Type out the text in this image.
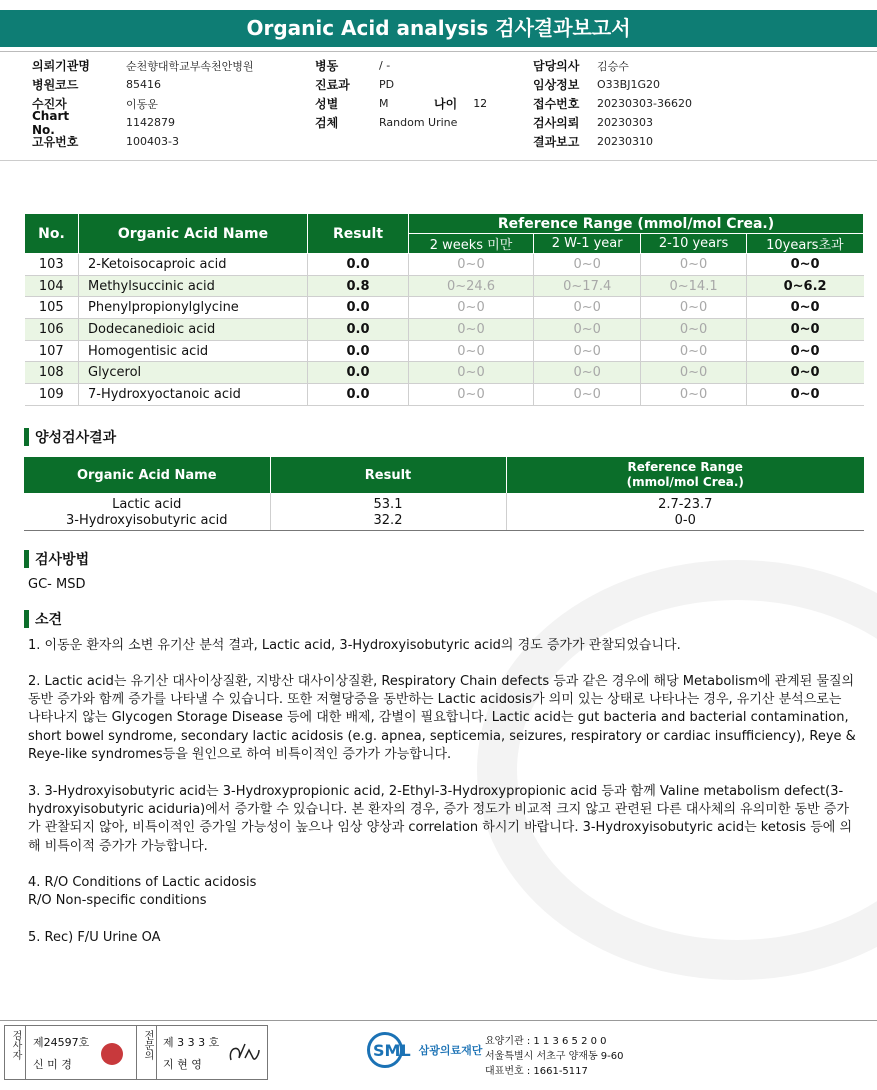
Organic Acid analysis 검사결과보고서
의뢰기관명	순천향대학교부속천안병원
병원코드	85416
수진자	이동운
Chart No.	1142879
고유번호	100403-3
병동	/ -
진료과	PD
성별	M
검체	Random Urine
나이 12
담당의사	김승수
임상정보	O33BJ1G20
접수번호	20230303-36620
검사의뢰	20230303
결과보고	20230310
No.	Organic Acid Name	Result	Reference Range (mmol/mol Crea.)			
			2 weeks 미만	2 W-1 year	2-10 years	10years초과
103	2-Ketoisocaproic acid	0.0	0~0	0~0	0~0	0~0
104	Methylsuccinic acid	0.8	0~24.6	0~17.4	0~14.1	0~6.2
105	Phenylpropionylglycine	0.0	0~0	0~0	0~0	0~0
106	Dodecanedioic acid	0.0	0~0	0~0	0~0	0~0
107	Homogentisic acid	0.0	0~0	0~0	0~0	0~0
108	Glycerol	0.0	0~0	0~0	0~0	0~0
109	7-Hydroxyoctanoic acid	0.0	0~0	0~0	0~0	0~0
양성검사결과
Organic Acid Name	Result	Reference Range
(mmol/mol Crea.)

Lactic acid	53.1	2.7-23.7
3-Hydroxyisobutyric acid	32.2	0-0
검사방법
GC- MSD
소견
1. 이동운 환자의 소변 유기산 분석 결과, Lactic acid, 3-Hydroxyisobutyric acid의 경도 증가가 관찰되었습니다.
2. Lactic acid는 유기산 대사이상질환, 지방산 대사이상질환, Respiratory Chain defects 등과 같은 경우에 해당 Metabolism에 관계된 물질의 동반 증가와 함께 증가를 나타낼 수 있습니다. 또한 저혈당증을 동반하는 Lactic acidosis가 의미 있는 상태로 나타나는 경우, 유기산 분석으로는 나타나지 않는 Glycogen Storage Disease 등에 대한 배제, 감별이 필요합니다. Lactic acid는 gut bacteria and bacterial contamination, short bowel syndrome, secondary lactic acidosis (e.g. apnea, septicemia, seizures, respiratory or cardiac insufficiency), Reye & Reye-like syndromes등을 원인으로 하여 비특이적인 증가가 가능합니다.
3. 3-Hydroxyisobutyric acid는 3-Hydroxypropionic acid, 2-Ethyl-3-Hydroxypropionic acid 등과 함께 Valine metabolism defect(3-hydroxyisobutyric aciduria)에서 증가할 수 있습니다. 본 환자의 경우, 증가 정도가 비교적 크지 않고 관련된 다른 대사체의 유의미한 동반 증가가 관찰되지 않아, 비특이적인 증가일 가능성이 높으나 임상 양상과 correlation 하시기 바랍니다. 3-Hydroxyisobutyric acid는 ketosis 등에 의해 비특이적 증가가 가능합니다.
4. R/O Conditions of Lactic acidosis
R/O Non-specific conditions
5. Rec) F/U Urine OA
검사자 제24597호
신 미 경
전문의 제 3 3 3 호
지 현 영
SML 삼광의료재단
요양기관 : 1 1 3 6 5 2 0 0
서울특별시 서초구 양재동 9-60
대표번호 : 1661-5117
